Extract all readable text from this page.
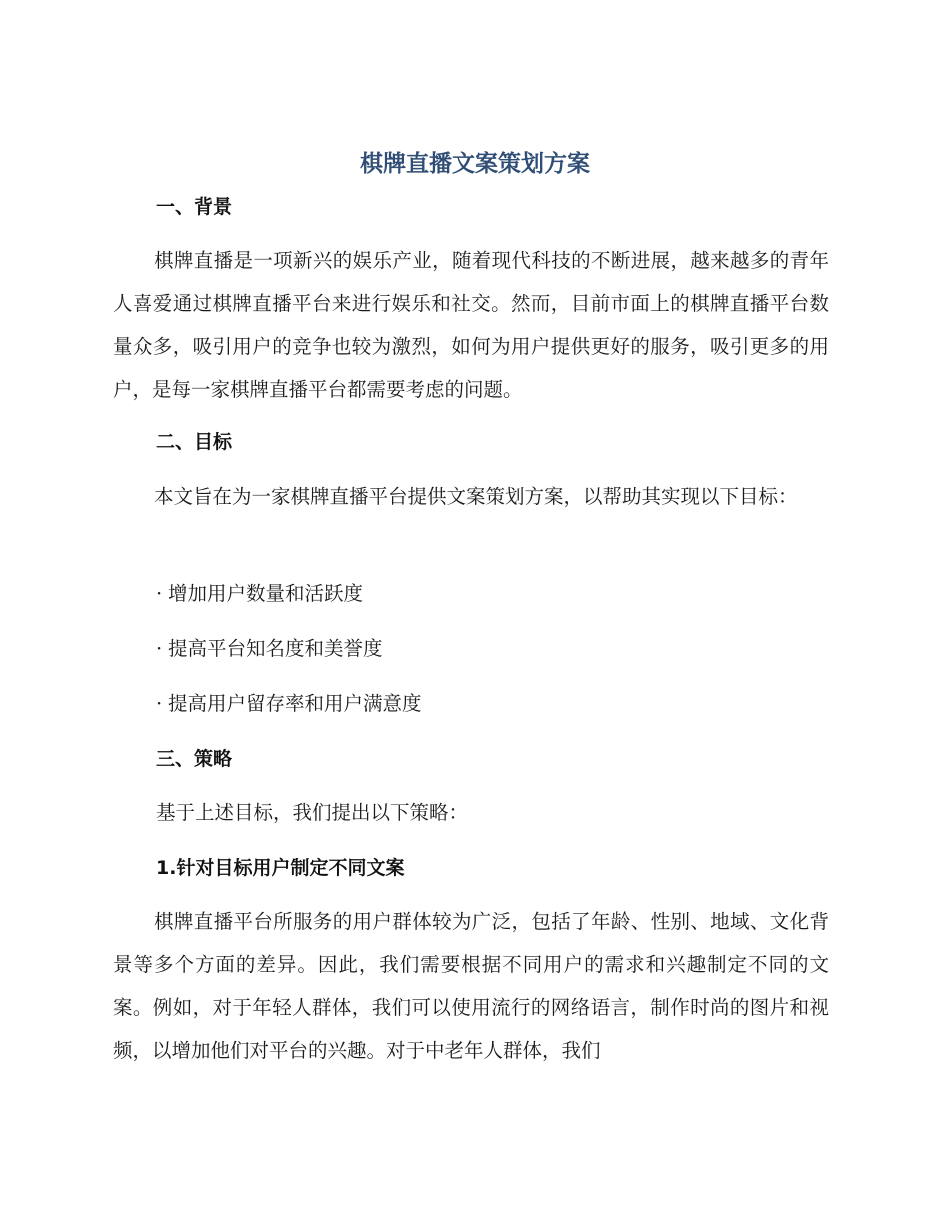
棋牌直播文案策划方案
一、背景

棋牌直播是一项新兴的娱乐产业，随着现代科技的不断进展，越来越多的青年人喜爱通过棋牌直播平台来进行娱乐和社交。然而，目前市面上的棋牌直播平台数量众多，吸引用户的竞争也较为激烈，如何为用户提供更好的服务，吸引更多的用户，是每一家棋牌直播平台都需要考虑的问题。

二、目标

本文旨在为一家棋牌直播平台提供文案策划方案，以帮助其实现以下目标：

· 增加用户数量和活跃度
· 提高平台知名度和美誉度
· 提高用户留存率和用户满意度
三、策略
基于上述目标，我们提出以下策略：
1.针对目标用户制定不同文案

棋牌直播平台所服务的用户群体较为广泛，包括了年龄、性别、地域、文化背景等多个方面的差异。因此，我们需要根据不同用户的需求和兴趣制定不同的文案。例如，对于年轻人群体，我们可以使用流行的网络语言，制作时尚的图片和视频，以增加他们对平台的兴趣。对于中老年人群体，我们
